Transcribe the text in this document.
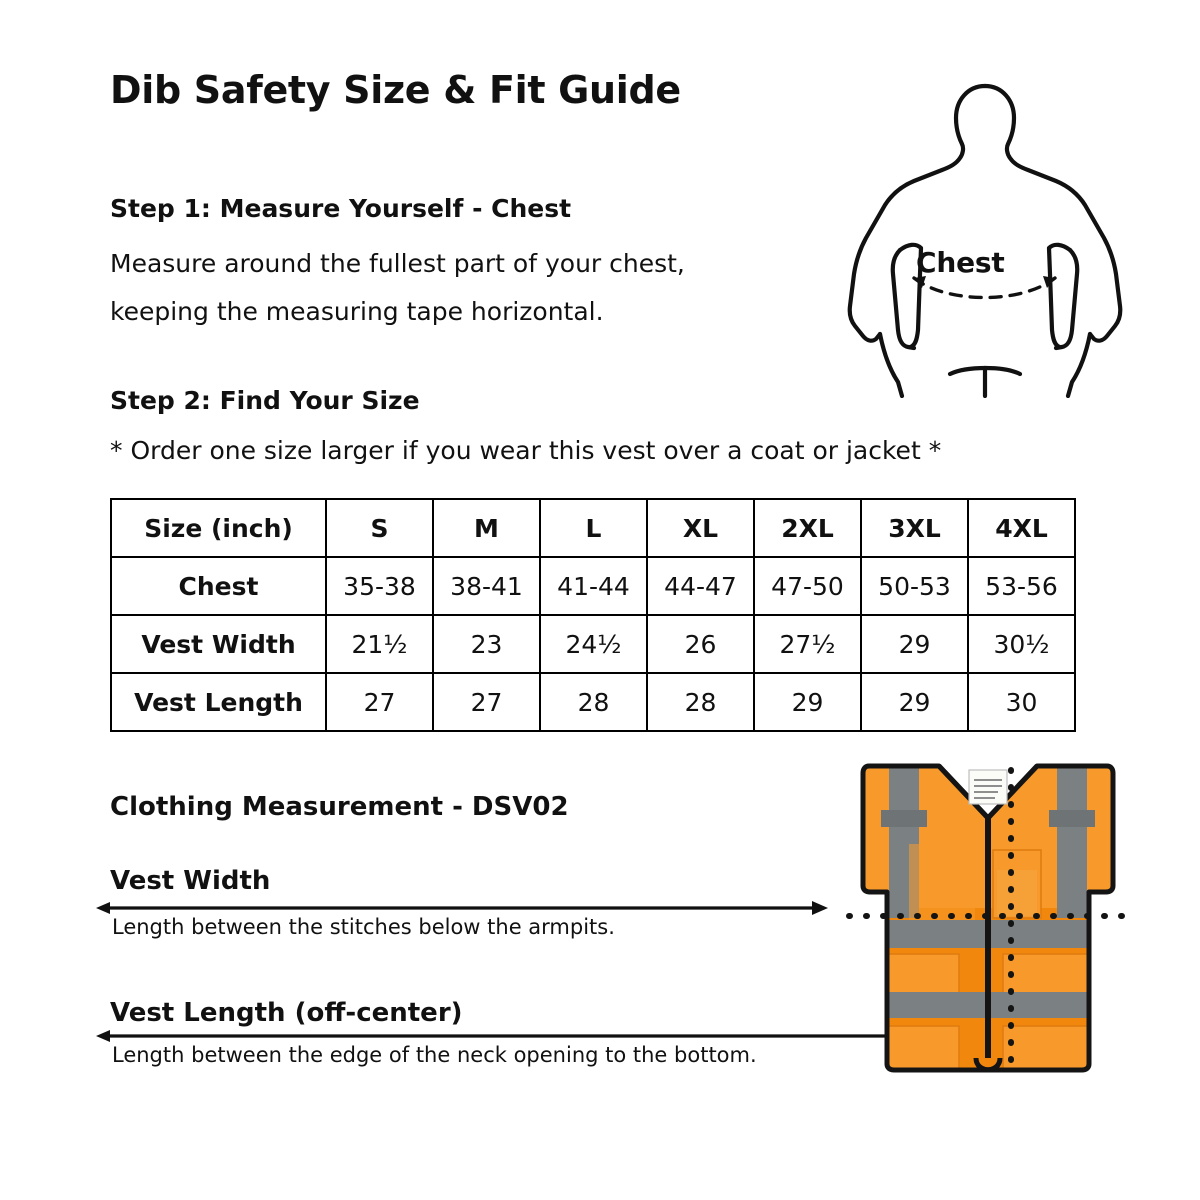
Dib Safety Size & Fit Guide
Step 1: Measure Yourself - Chest
Measure around the fullest part of your chest,
keeping the measuring tape horizontal.
Chest
Step 2: Find Your Size
* Order one size larger if you wear this vest over a coat or jacket *
Size (inch)	S	M	L	XL	2XL	3XL	4XL
Chest	35-38	38-41	41-44	44-47	47-50	50-53	53-56
Vest Width	21½	23	24½	26	27½	29	30½
Vest Length	27	27	28	28	29	29	30
Clothing Measurement - DSV02
Vest Width
Length between the stitches below the armpits.
Vest Length (off-center)
Length between the edge of the neck opening to the bottom.
